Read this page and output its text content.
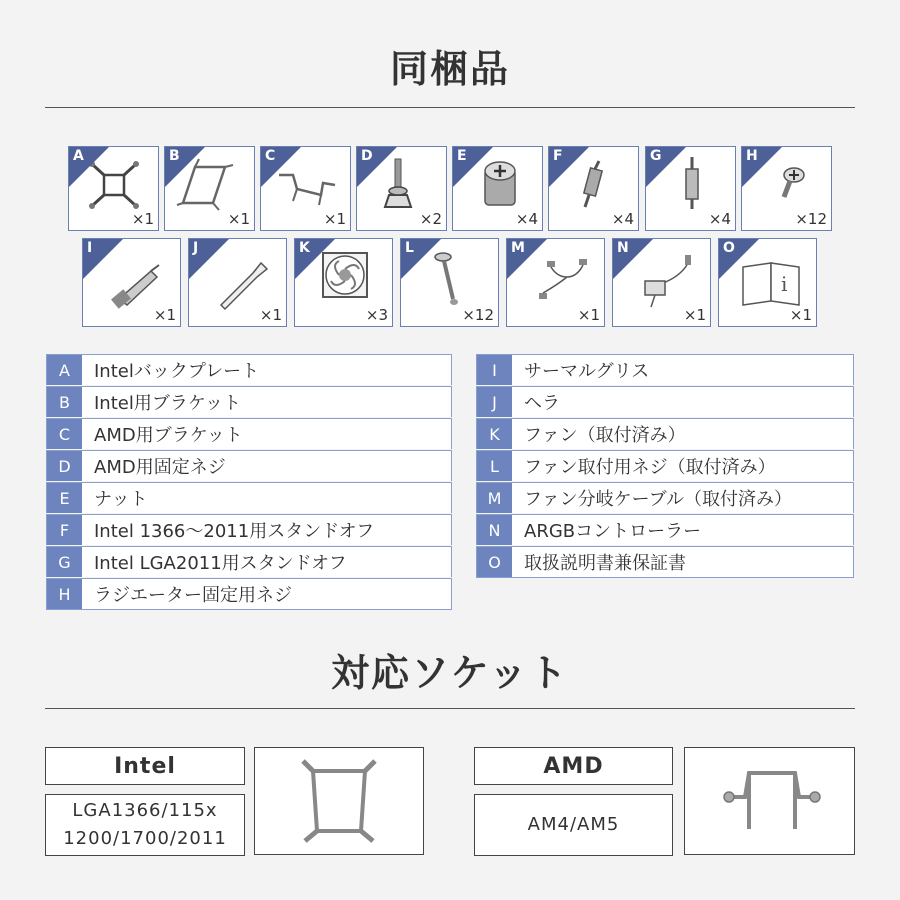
同梱品
A
×1
B
×1
C
×1
D
×2
E
×4
F
×4
G
×4
H
×12
I
×1
J
×1
K
×3
L
×12
M
×1
N
×1
i
O
×1
A	Intelバックプレート
B	Intel用ブラケット
C	AMD用ブラケット
D	AMD用固定ネジ
E	ナット
F	Intel 1366〜2011用スタンドオフ
G	Intel LGA2011用スタンドオフ
H	ラジエーター固定用ネジ
I	サーマルグリス
J	ヘラ
K	ファン（取付済み）
L	ファン取付用ネジ（取付済み）
M	ファン分岐ケーブル（取付済み）
N	ARGBコントローラー
O	取扱説明書兼保証書
対応ソケット
Intel
LGA1366/115x
1200/1700/2011
AMD
AM4/AM5
